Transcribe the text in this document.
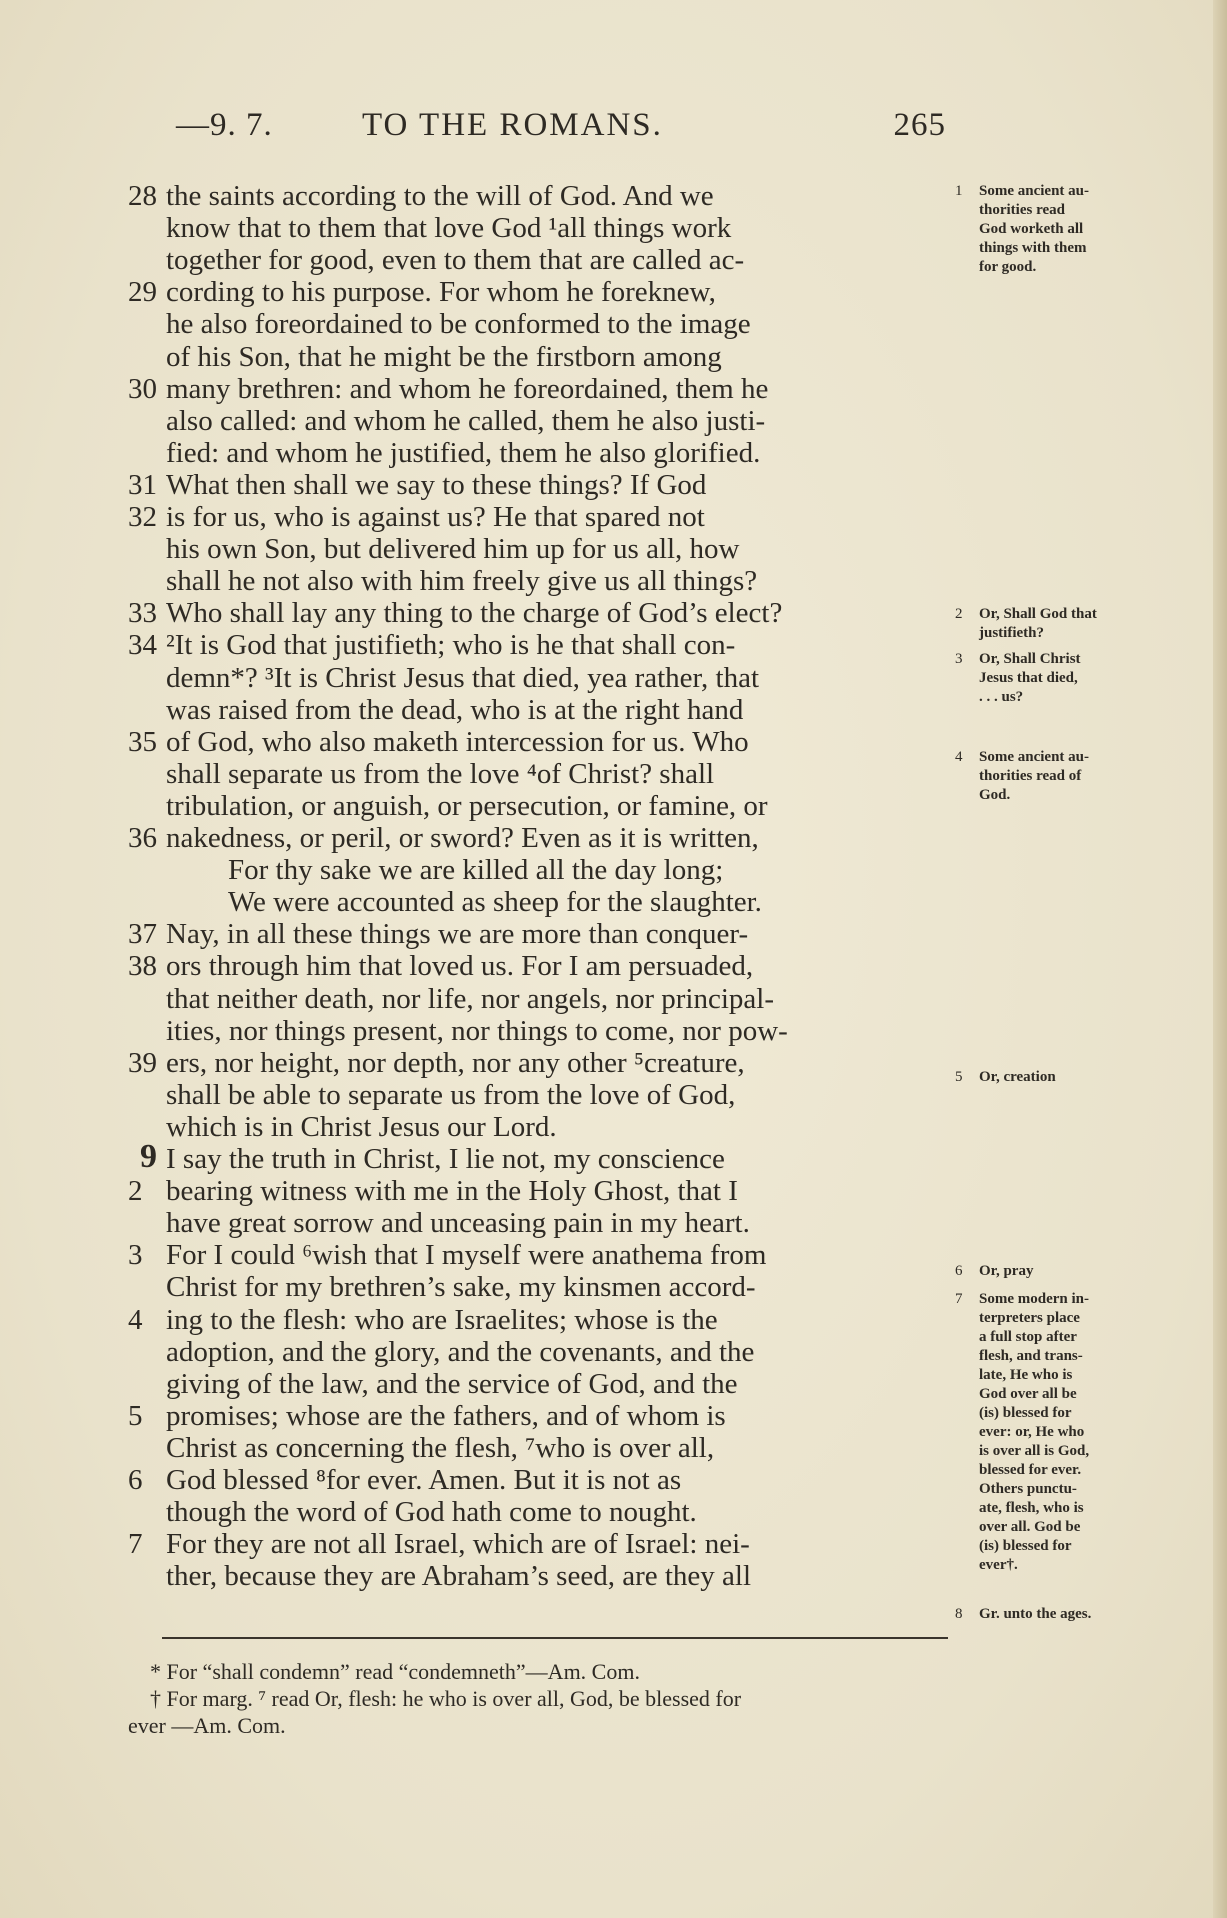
—9. 7.	TO THE ROMANS.	265
28 the saints according to the will of God. And we
know that to them that love God ¹all things work
together for good, even to them that are called ac-
29 cording to his purpose. For whom he foreknew,
he also foreordained to be conformed to the image
of his Son, that he might be the firstborn among
30 many brethren: and whom he foreordained, them he
also called: and whom he called, them he also justi-
fied: and whom he justified, them he also glorified.
31 What then shall we say to these things? If God
32 is for us, who is against us? He that spared not
his own Son, but delivered him up for us all, how
shall he not also with him freely give us all things?
33 Who shall lay any thing to the charge of God’s elect?
34 ²It is God that justifieth; who is he that shall con-
demn*? ³It is Christ Jesus that died, yea rather, that
was raised from the dead, who is at the right hand
35 of God, who also maketh intercession for us. Who
shall separate us from the love ⁴of Christ? shall
tribulation, or anguish, or persecution, or famine, or
36 nakedness, or peril, or sword? Even as it is written,
For thy sake we are killed all the day long;
We were accounted as sheep for the slaughter.
37 Nay, in all these things we are more than conquer-
38 ors through him that loved us. For I am persuaded,
that neither death, nor life, nor angels, nor principal-
ities, nor things present, nor things to come, nor pow-
39 ers, nor height, nor depth, nor any other ⁵creature,
shall be able to separate us from the love of God,
which is in Christ Jesus our Lord.
9 I say the truth in Christ, I lie not, my conscience
2 bearing witness with me in the Holy Ghost, that I
have great sorrow and unceasing pain in my heart.
3 For I could ⁶wish that I myself were anathema from
Christ for my brethren’s sake, my kinsmen accord-
4 ing to the flesh: who are Israelites; whose is the
adoption, and the glory, and the covenants, and the
giving of the law, and the service of God, and the
5 promises; whose are the fathers, and of whom is
Christ as concerning the flesh, ⁷who is over all,
6 God blessed ⁸for ever. Amen. But it is not as
though the word of God hath come to nought.
7 For they are not all Israel, which are of Israel: nei-
ther, because they are Abraham’s seed, are they all
1 Some ancient au-
thorities read
God worketh all
things with them
for good.
2 Or, Shall God that
justifieth?
3 Or, Shall Christ
Jesus that died,
. . . us?
4 Some ancient au-
thorities read of
God.
5 Or, creation
6 Or, pray
7 Some modern in-
terpreters place
a full stop after
flesh, and trans-
late, He who is
God over all be
(is) blessed for
ever: or, He who
is over all is God,
blessed for ever.
Others punctu-
ate, flesh, who is
over all. God be
(is) blessed for
ever†.
8 Gr. unto the ages.
* For “shall condemn” read “condemneth”—Am. Com.
† For marg. ⁷ read Or, flesh: he who is over all, God, be blessed for
ever —Am. Com.
